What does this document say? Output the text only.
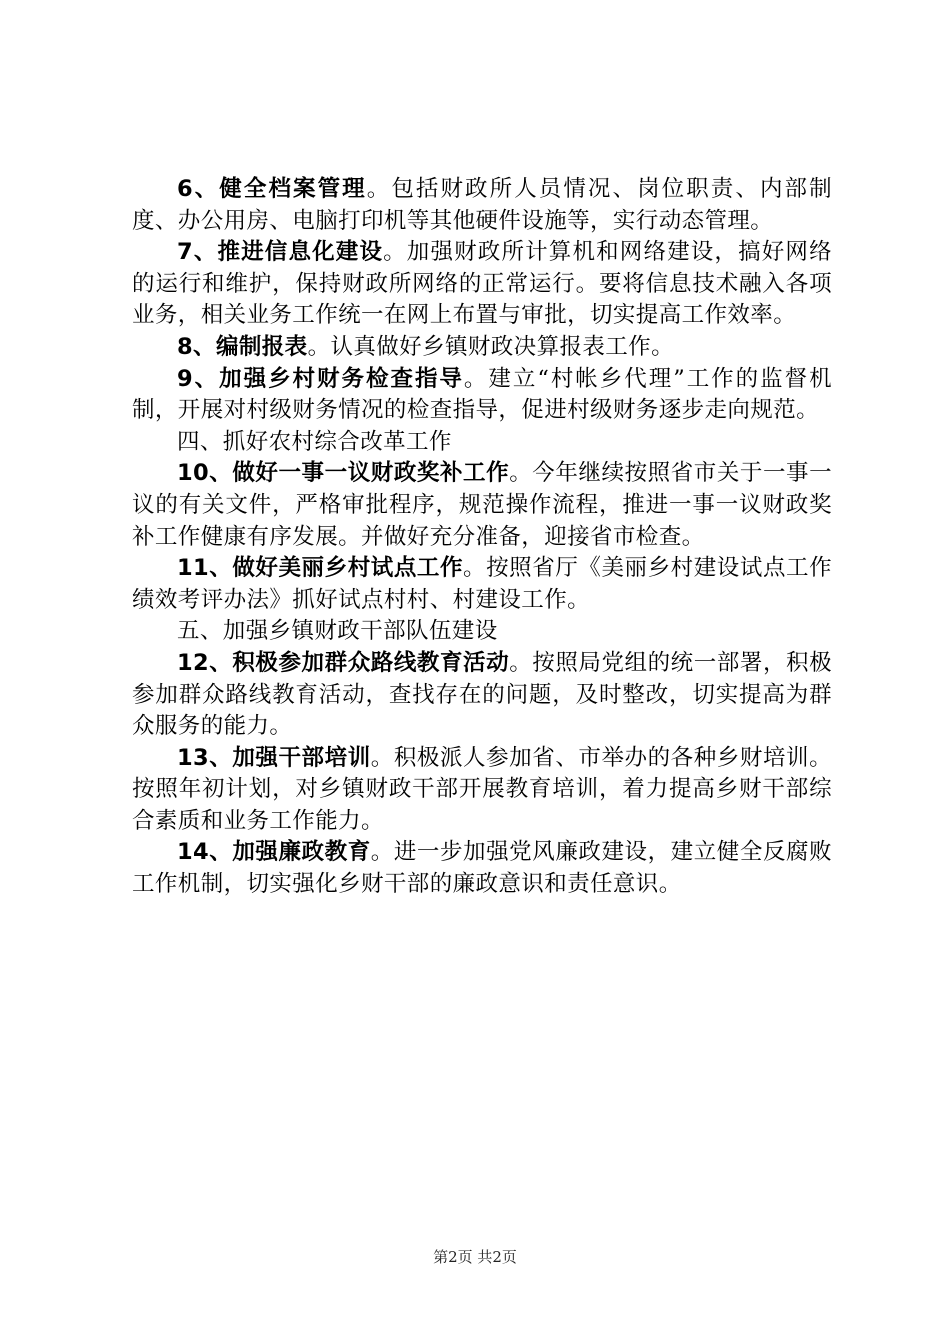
6、健全档案管理。包括财政所人员情况、岗位职责、内部制度、办公用房、电脑打印机等其他硬件设施等，实行动态管理。

7、推进信息化建设。加强财政所计算机和网络建设，搞好网络的运行和维护，保持财政所网络的正常运行。要将信息技术融入各项业务，相关业务工作统一在网上布置与审批，切实提高工作效率。

8、编制报表。认真做好乡镇财政决算报表工作。

9、加强乡村财务检查指导。建立“村帐乡代理”工作的监督机制，开展对村级财务情况的检查指导，促进村级财务逐步走向规范。

四、抓好农村综合改革工作

10、做好一事一议财政奖补工作。今年继续按照省市关于一事一议的有关文件，严格审批程序，规范操作流程，推进一事一议财政奖补工作健康有序发展。并做好充分准备，迎接省市检查。

11、做好美丽乡村试点工作。按照省厅《美丽乡村建设试点工作绩效考评办法》抓好试点村村、村建设工作。

五、加强乡镇财政干部队伍建设

12、积极参加群众路线教育活动。按照局党组的统一部署，积极参加群众路线教育活动，查找存在的问题，及时整改，切实提高为群众服务的能力。

13、加强干部培训。积极派人参加省、市举办的各种乡财培训。按照年初计划，对乡镇财政干部开展教育培训，着力提高乡财干部综合素质和业务工作能力。

14、加强廉政教育。进一步加强党风廉政建设，建立健全反腐败工作机制，切实强化乡财干部的廉政意识和责任意识。

第2页 共2页
